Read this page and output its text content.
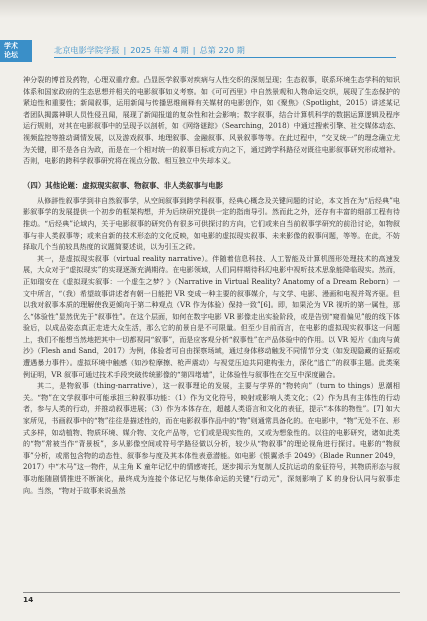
学术
论坛	北京电影学院学报 | 2025 年第 4 期 | 总第 220 期

神分裂的博首及药物，心理双重疗愈。凸显医学叙事对疾病与人性交织的深刻呈现；生态叙事，联系环境生态学科的知识体系和国家政府的生态思想并相关的电影叙事如义考察。如《可可西里》中自然景观和人物命运交织，展现了生态保护的紧迫性和重要性；新闻叙事，运用新闻与传播思维阐释有关媒材的电影创作，如《聚焦》（Spotlight，2015）讲述某记者团队揭露神职人员性侵丑闻，展现了新闻报道的复杂性和社会影响；数字叙事，结合计算机科学的数据运算逻辑及程序运行规则，对其在电影叙事中的呈现予以剖析，如《网络谜踪》（Searching，2018）中通过搜索引擎、社交媒体动态、视频监控等推动调情发展，以及游戏叙事、地理叙事、金融叙事、风景叙事等等。在此过程中，“交叉统一”的理念确立尤为关键，即不是各自为政，而是在一个相对统一的叙事目标或方向之下，通过跨学科路径对既往电影叙事研究形成增补。否则，电影的跨科学叙事研究将在视点分散、相互独立中失却本义。

（四）其他论题：虚拟现实叙事、物叙事、非人类叙事与电影

从修辞性叙事学到非自然叙事学，从空间叙事到跨学科叙事，经典心概念及关键问题的讨论，本文旨在为“后经典”电影叙事学的发展提供一个初步的框架构想，并为后续研究提供一定的指南导引。然而此之外，还存有丰富的细部工程有待推动。“后经典”论域内，关于电影叙事的研究仍有很多可供探讨的方向，它们或来自当前叙事学研究的前沿讨论，如物叙事与非人类叙事等；或来自新的技术形态的文化反映，如电影的虚拟现实叙事、未来影像的叙事问题，等等。在此，不妨择取几个当前较具热度的议题简要述说，以为引玉之砖。

其一，是虚拟现实叙事（virtual reality narrative）。伴随着信息科技、人工智能及计算机图形处理技术的高速发展，大众对于“虚拟现实”的实现逐渐充满期待。在电影领域，人们同样期待科幻电影中视听技术思象能降临现实。然而，正如瑞安在《虚拟现实叙事：一个虚生之梦？》（Narrative in Virtual Reality? Anatomy of a Dream Reborn）一文中所言，“（我）希望故事讲述者有朝一日能把 VR 变成一种主要的叙事媒介，与文学、电影、漫画和电视并驾齐驱。但以我对叙事本质的理解使我更倾向于第二种观点（VR 作为体验）保持一致”[6]。即，如果沦为 VR 视听的第一属性，那么“体验性”显然优先于“叙事性”。在这个层面，如何在数字电影 VR 影像走出实验阶段，或是告别“窥看偏见”般的线下体验后，以成品姿态真正走进大众生活，那么它的前景自是不可限量。但至少目前而言，在电影的虚拟现实叙事这一问题上，我们不能想当然地把其中一切都视同“叙事”，而是应客观分析“叙事性”在产品体验中的作用。以 VR 短片《血肉与黄沙》（Flesh and Sand，2017）为例，体验者可自由探察场域，通过身体移动触发不同情节分支（如发现隐藏的证据或遭遇暴力事件）。虚拟环境中触感（如沙粒摩擦、枪声震动）与视觉压迫共同建构张力，深化“逃亡”的叙事主题。此类案例证明，VR 叙事可通过技术手段突破传统影像的“第四堵墙”，让体验性与叙事性在交互中深度融合。

其二，是物叙事（thing-narrative），这一叙事理论的发展，主要与学界的“物转向”（turn to things）思潮相关。“物”在文学叙事中可能承担三种叙事功能：（1）作为文化符号，映射或影响人类文化；（2）作为具有主体性的行动者，参与人类的行动，并推动叙事进展；（3）作为本体存在，超越人类语言和文化的表征，提示“本体的物性”。[7] 如大家所见，书画叙事中的“物”往往是描述性的，而在电影叙事作品中的“物”则通常具备化的。在电影中，“物”无处不在、形式多样，如动植物、物质环境、媒介物、文化产品等，它们或是现实性的，又或为想象性的。以往的电影研究，诸如此类的“物”常被当作“背景板”，多从影像空间或符号学路径做以分析，较少从“物叙事”的理论视角进行探讨。电影的“物叙事”分析，或需包含物的动态性、叙事参与度及其本体性表意潜能。如电影《银翼杀手 2049》（Blade Runner 2049，2017）中“木马”这一物件，从主角 K 童年记忆中的情感寄托，逐步揭示为复制人反抗运动的象征符号，其物质形态与叙事功能随剧情推进不断演化，最终成为连接个体记忆与集体命运的关键“行动元”，深刻影响了 K 的身份认同与叙事走向。当然，“物对于故事来说虽然

14
